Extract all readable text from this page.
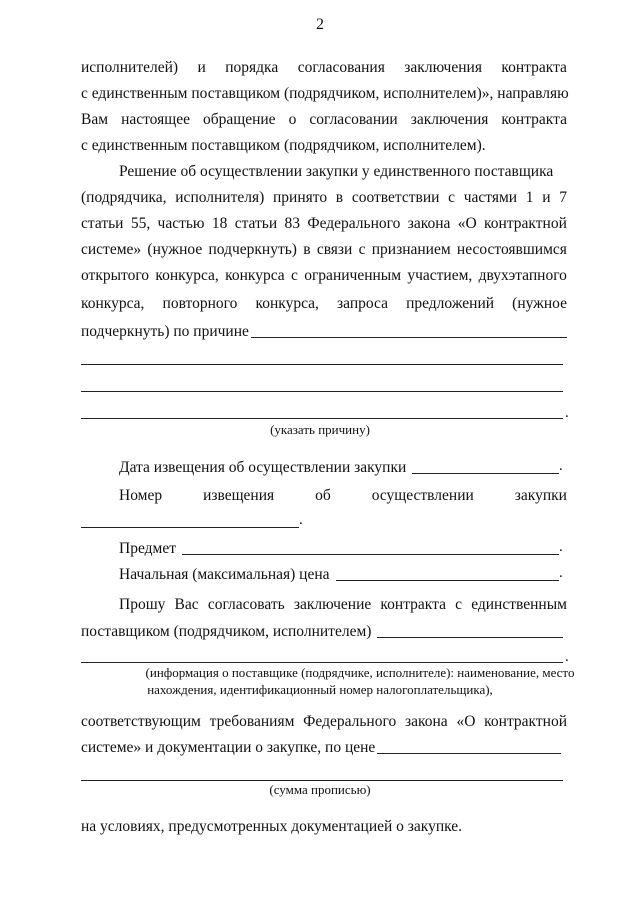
2
исполнителей) и порядка согласования заключения контракта
с единственным поставщиком (подрядчиком, исполнителем)», направляю
Вам настоящее обращение о согласовании заключения контракта
с единственным поставщиком (подрядчиком, исполнителем).
Решение об осуществлении закупки у единственного поставщика
(подрядчика, исполнителя) принято в соответствии с частями 1 и 7
статьи 55, частью 18 статьи 83 Федерального закона «О контрактной
системе» (нужное подчеркнуть) в связи с признанием несостоявшимся
открытого конкурса, конкурса с ограниченным участием, двухэтапного
конкурса, повторного конкурса, запроса предложений (нужное
подчеркнуть) по причине
.
(указать причину)
Дата извещения об осуществлении закупки	.
Номер	извещения	об	осуществлении	закупки
.
Предмет	.
Начальная (максимальная) цена	.
Прошу Вас согласовать заключение контракта с единственным
поставщиком (подрядчиком, исполнителем)
.
(информация о поставщике (подрядчике, исполнителе): наименование, место
нахождения, идентификационный номер налогоплательщика),
соответствующим требованиям Федерального закона «О контрактной
системе» и документации о закупке, по цене
(сумма прописью)
на условиях, предусмотренных документацией о закупке.
